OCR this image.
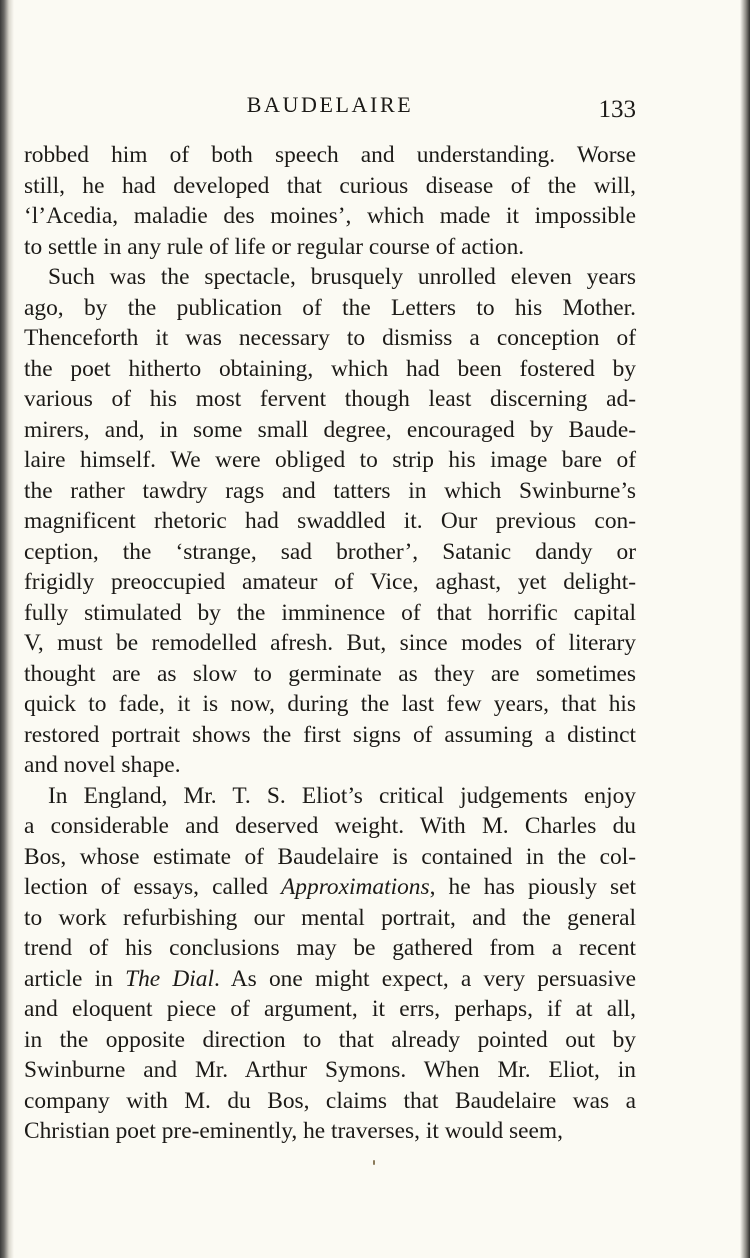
BAUDELAIRE	133
robbed him of both speech and understanding. Worse
still, he had developed that curious disease of the will,
‘l’Acedia, maladie des moines’, which made it impossible
to settle in any rule of life or regular course of action.
Such was the spectacle, brusquely unrolled eleven years
ago, by the publication of the Letters to his Mother.
Thenceforth it was necessary to dismiss a conception of
the poet hitherto obtaining, which had been fostered by
various of his most fervent though least discerning ad-
mirers, and, in some small degree, encouraged by Baude-
laire himself. We were obliged to strip his image bare of
the rather tawdry rags and tatters in which Swinburne’s
magnificent rhetoric had swaddled it. Our previous con-
ception, the ‘strange, sad brother’, Satanic dandy or
frigidly preoccupied amateur of Vice, aghast, yet delight-
fully stimulated by the imminence of that horrific capital
V, must be remodelled afresh. But, since modes of literary
thought are as slow to germinate as they are sometimes
quick to fade, it is now, during the last few years, that his
restored portrait shows the first signs of assuming a distinct
and novel shape.
In England, Mr. T. S. Eliot’s critical judgements enjoy
a considerable and deserved weight. With M. Charles du
Bos, whose estimate of Baudelaire is contained in the col-
lection of essays, called Approximations, he has piously set
to work refurbishing our mental portrait, and the general
trend of his conclusions may be gathered from a recent
article in The Dial. As one might expect, a very persuasive
and eloquent piece of argument, it errs, perhaps, if at all,
in the opposite direction to that already pointed out by
Swinburne and Mr. Arthur Symons. When Mr. Eliot, in
company with M. du Bos, claims that Baudelaire was a
Christian poet pre-eminently, he traverses, it would seem,
